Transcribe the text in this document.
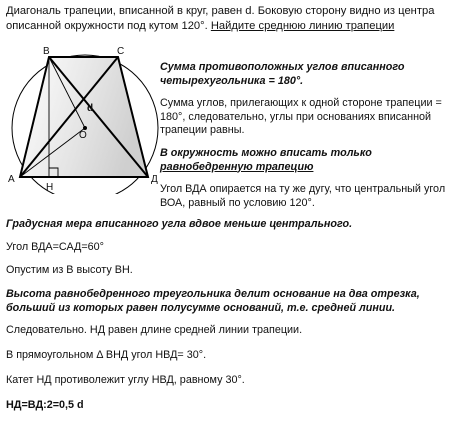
Диагональ трапеции, вписанной в круг, равен d. Боковую сторону видно из центра описанной окружности под кутом 120°. Найдите среднюю линию трапеции
B	C
A	Д
H
O
d
Сумма противоположных углов вписанного четырехугольника = 180°.
Сумма углов, прилегающих к одной стороне трапеции = 180°, следовательно, углы при основаниях вписанной трапеции равны.
В окружность можно вписать только равнобедренную трапецию
Угол ВДА опирается на ту же дугу, что центральный угол ВОА, равный по условию 120°.
Градусная мера вписанного угла вдвое меньше центрального.
Угол ВДА=САД=60°
Опустим из В высоту ВН.
Высота равнобедренного треугольника делит основание на два отрезка, больший из которых равен полусумме оснований, т.е. средней линии.
Следовательно. НД равен длине средней линии трапеции.
В прямоугольном Δ ВНД угол НВД= 30°.
Катет НД противолежит углу НВД, равному 30°.
НД=ВД:2=0,5 d
